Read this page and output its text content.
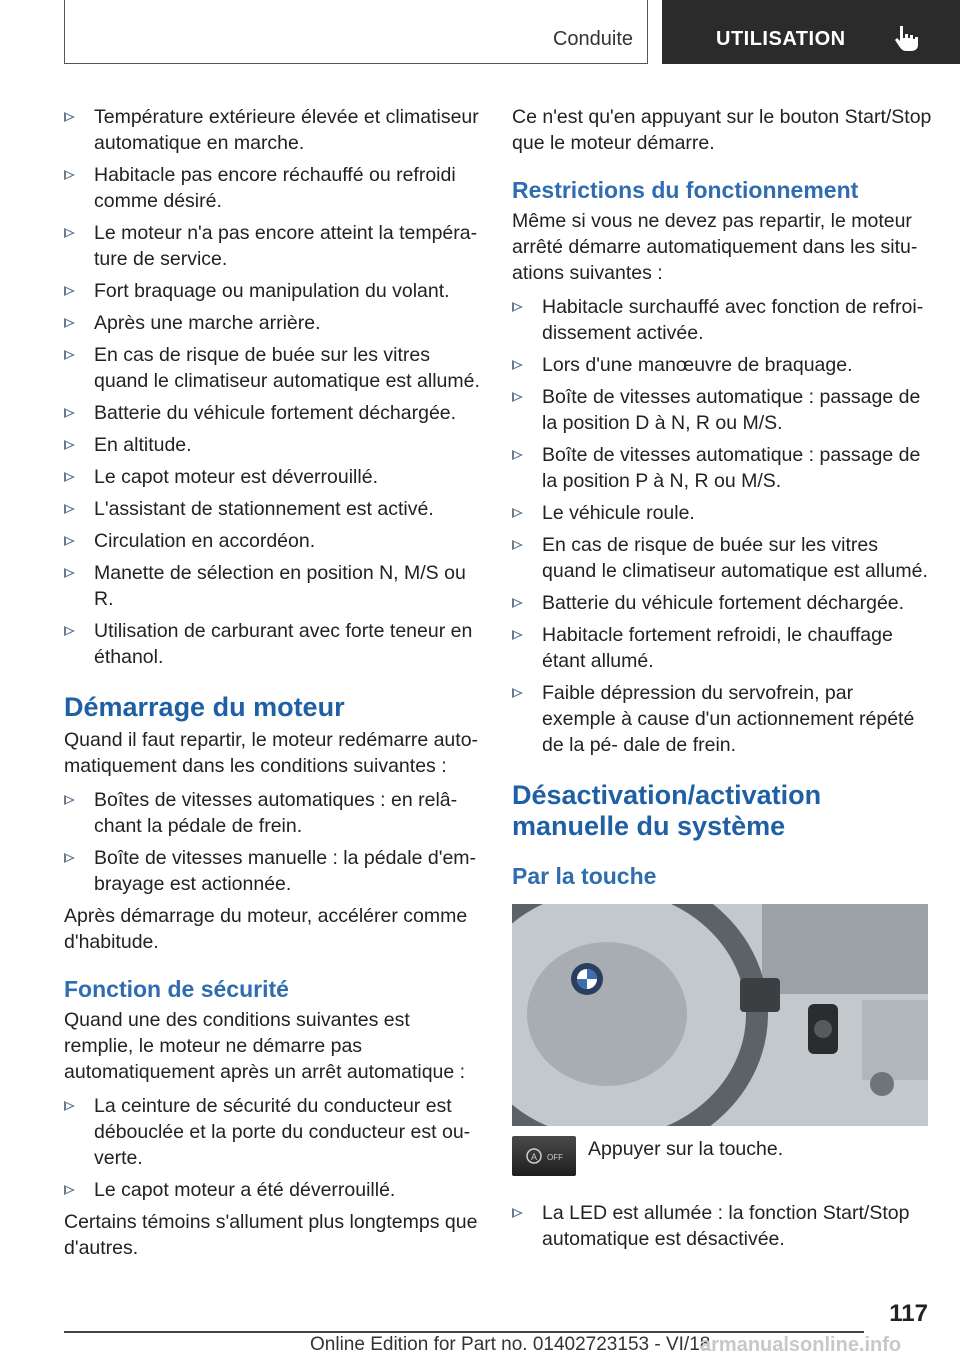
Conduite	UTILISATION
Température extérieure élevée et climatiseur automatique en marche.
Habitacle pas encore réchauffé ou refroidi comme désiré.
Le moteur n'a pas encore atteint la tempéra‐ ture de service.
Fort braquage ou manipulation du volant.
Après une marche arrière.
En cas de risque de buée sur les vitres quand le climatiseur automatique est allumé.
Batterie du véhicule fortement déchargée.
En altitude.
Le capot moteur est déverrouillé.
L'assistant de stationnement est activé.
Circulation en accordéon.
Manette de sélection en position N, M/S ou R.
Utilisation de carburant avec forte teneur en éthanol.
Démarrage du moteur

Quand il faut repartir, le moteur redémarre auto‐ matiquement dans les conditions suivantes :

Boîtes de vitesses automatiques : en relâ‐ chant la pédale de frein.
Boîte de vitesses manuelle : la pédale d'em‐ brayage est actionnée.

Après démarrage du moteur, accélérer comme d'habitude.

Fonction de sécurité

Quand une des conditions suivantes est remplie, le moteur ne démarre pas automatiquement après un arrêt automatique :

La ceinture de sécurité du conducteur est débouclée et la porte du conducteur est ou‐ verte.
Le capot moteur a été déverrouillé.

Certains témoins s'allument plus longtemps que d'autres.

Ce n'est qu'en appuyant sur le bouton Start/Stop que le moteur démarre.

Restrictions du fonctionnement

Même si vous ne devez pas repartir, le moteur arrêté démarre automatiquement dans les situ‐ ations suivantes :

Habitacle surchauffé avec fonction de refroi‐ dissement activée.
Lors d'une manœuvre de braquage.
Boîte de vitesses automatique : passage de la position D à N, R ou M/S.
Boîte de vitesses automatique : passage de la position P à N, R ou M/S.
Le véhicule roule.
En cas de risque de buée sur les vitres quand le climatiseur automatique est allumé.
Batterie du véhicule fortement déchargée.
Habitacle fortement refroidi, le chauffage étant allumé.
Faible dépression du servofrein, par exemple à cause d'un actionnement répété de la pé‐ dale de frein.
Désactivation/activation manuelle du système
Par la touche
A OFF Appuyer sur la touche.
La LED est allumée : la fonction Start/Stop automatique est désactivée.
117
Online Edition for Part no. 01402723153 - VI/18
armanualsonline.info
